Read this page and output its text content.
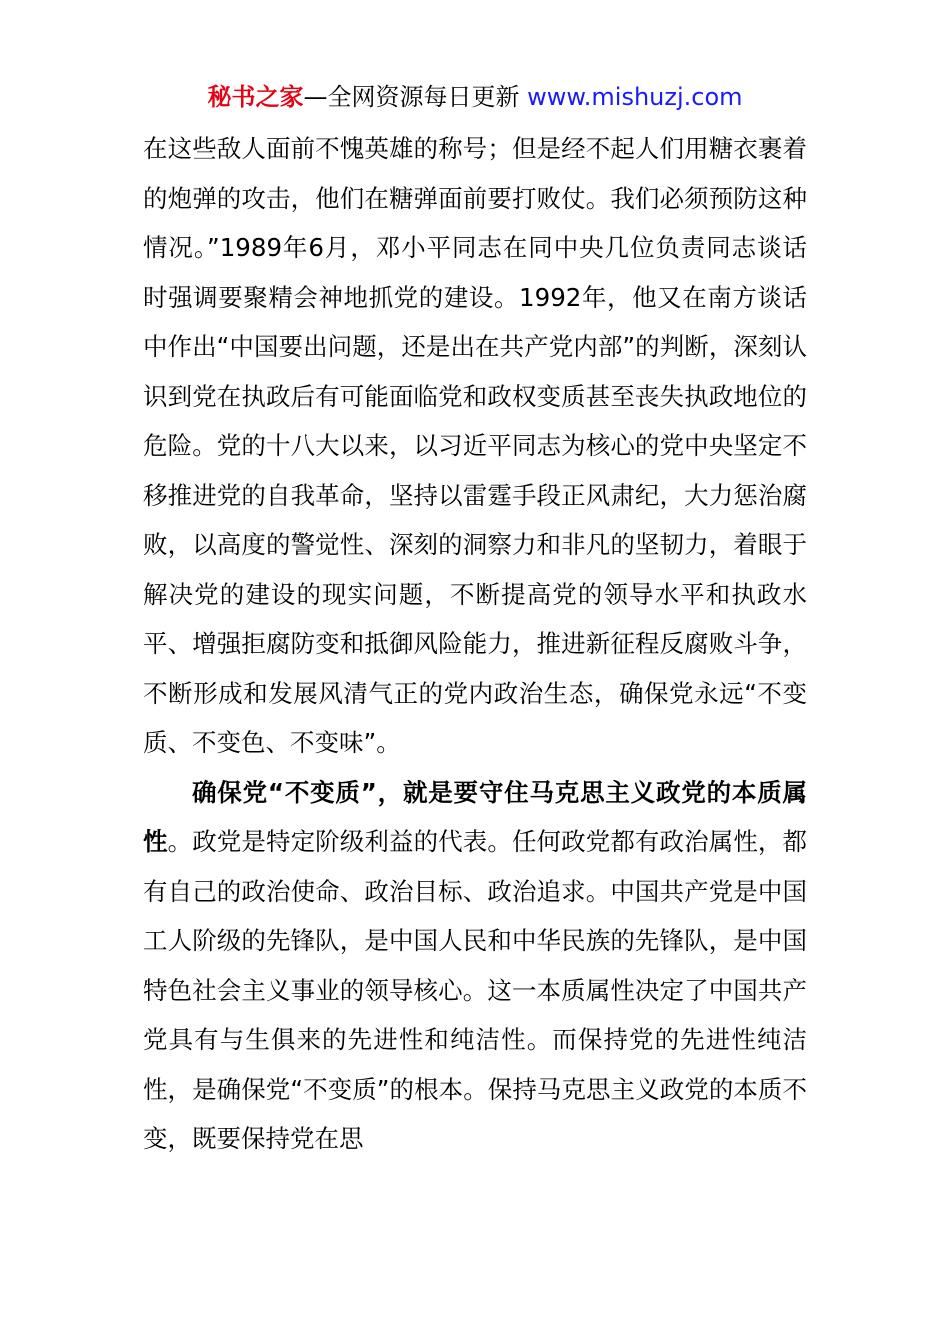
秘书之家—全网资源每日更新 www.mishuzj.com

在这些敌人面前不愧英雄的称号；但是经不起人们用糖衣裹着的炮弹的攻击，他们在糖弹面前要打败仗。我们必须预防这种情况。”1989年6月，邓小平同志在同中央几位负责同志谈话时强调要聚精会神地抓党的建设。1992年，他又在南方谈话中作出“中国要出问题，还是出在共产党内部”的判断，深刻认识到党在执政后有可能面临党和政权变质甚至丧失执政地位的危险。党的十八大以来，以习近平同志为核心的党中央坚定不移推进党的自我革命，坚持以雷霆手段正风肃纪，大力惩治腐败，以高度的警觉性、深刻的洞察力和非凡的坚韧力，着眼于解决党的建设的现实问题，不断提高党的领导水平和执政水平、增强拒腐防变和抵御风险能力，推进新征程反腐败斗争，不断形成和发展风清气正的党内政治生态，确保党永远“不变质、不变色、不变味”。

确保党“不变质”，就是要守住马克思主义政党的本质属性。政党是特定阶级利益的代表。任何政党都有政治属性，都有自己的政治使命、政治目标、政治追求。中国共产党是中国工人阶级的先锋队，是中国人民和中华民族的先锋队，是中国特色社会主义事业的领导核心。这一本质属性决定了中国共产党具有与生俱来的先进性和纯洁性。而保持党的先进性纯洁性，是确保党“不变质”的根本。保持马克思主义政党的本质不变，既要保持党在思
